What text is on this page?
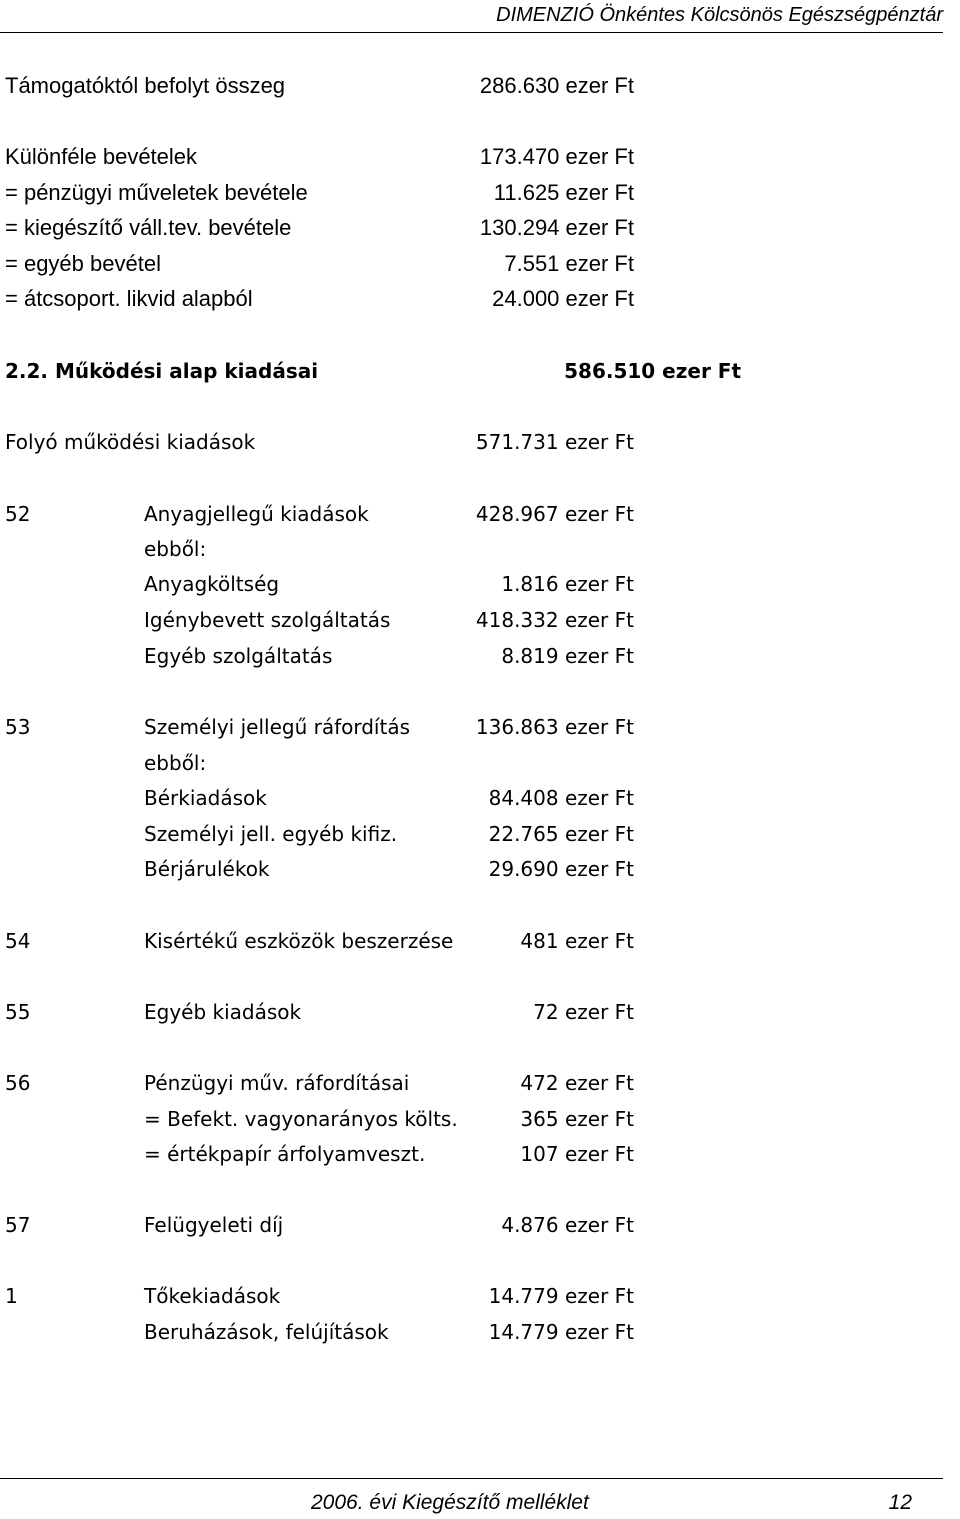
DIMENZIÓ Önkéntes Kölcsönös Egészségpénztár
Támogatóktól befolyt összeg	286.630 ezer Ft
Különféle bevételek	173.470 ezer Ft
= pénzügyi műveletek bevétele	11.625 ezer Ft
= kiegészítő váll.tev. bevétele	130.294 ezer Ft
= egyéb bevétel	7.551 ezer Ft
= átcsoport. likvid alapból	24.000 ezer Ft
2.2. Működési alap kiadásai	586.510 ezer Ft
Folyó működési kiadások	571.731 ezer Ft
52	Anyagjellegű kiadások	428.967 ezer Ft
ebből:
Anyagköltség	1.816 ezer Ft
Igénybevett szolgáltatás	418.332 ezer Ft
Egyéb szolgáltatás	8.819 ezer Ft
53	Személyi jellegű ráfordítás	136.863 ezer Ft
ebből:
Bérkiadások	84.408 ezer Ft
Személyi jell. egyéb kifiz.	22.765 ezer Ft
Bérjárulékok	29.690 ezer Ft
54	Kisértékű eszközök beszerzése	481 ezer Ft
55	Egyéb kiadások	72 ezer Ft
56	Pénzügyi műv. ráfordításai	472 ezer Ft
= Befekt. vagyonarányos költs.	365 ezer Ft
= értékpapír árfolyamveszt.	107 ezer Ft
57	Felügyeleti díj	4.876 ezer Ft
1	Tőkekiadások	14.779 ezer Ft
Beruházások, felújítások	14.779 ezer Ft
2006. évi Kiegészítő melléklet	12
